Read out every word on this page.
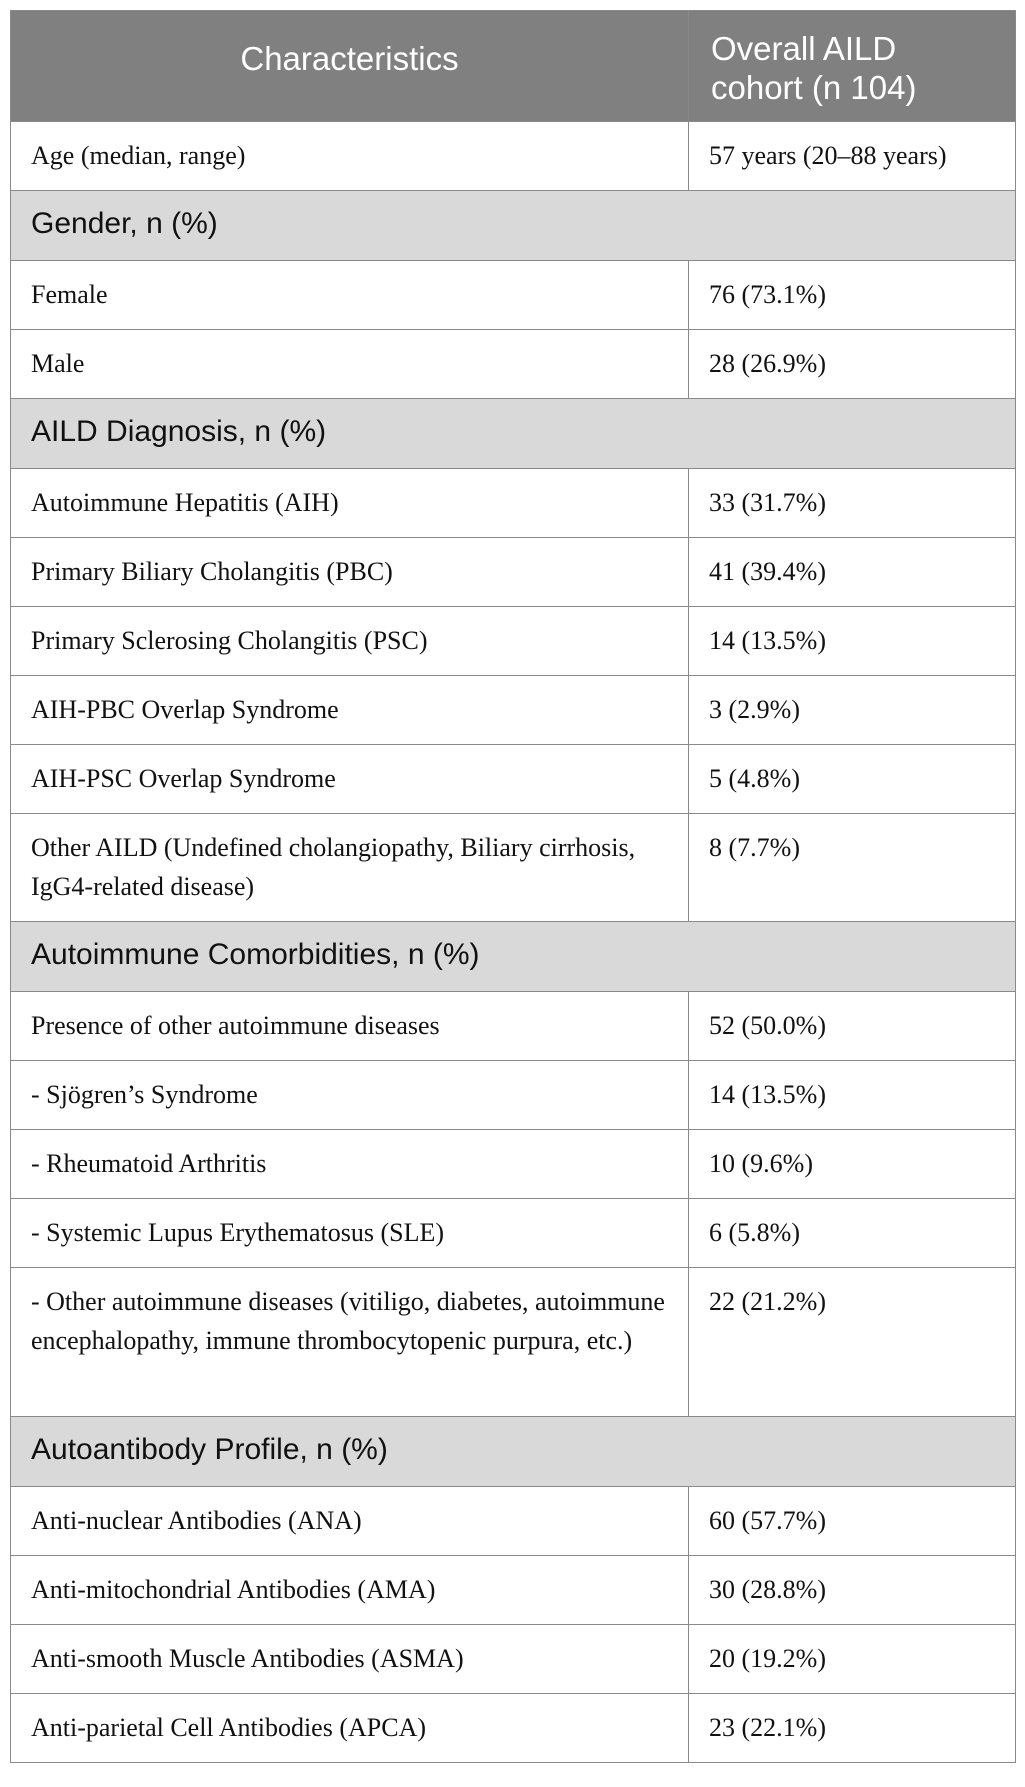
Characteristics	Overall AILD
cohort (n 104)

Age (median, range)	57 years (20–88 years)
Gender, n (%)	
Female	76 (73.1%)
Male	28 (26.9%)
AILD Diagnosis, n (%)	
Autoimmune Hepatitis (AIH)	33 (31.7%)
Primary Biliary Cholangitis (PBC)	41 (39.4%)
Primary Sclerosing Cholangitis (PSC)	14 (13.5%)
AIH-PBC Overlap Syndrome	3 (2.9%)
AIH-PSC Overlap Syndrome	5 (4.8%)
Other AILD (Undefined cholangiopathy, Biliary cirrhosis, IgG4-related disease)	8 (7.7%)
Autoimmune Comorbidities, n (%)	
Presence of other autoimmune diseases	52 (50.0%)
- Sjögren’s Syndrome	14 (13.5%)
- Rheumatoid Arthritis	10 (9.6%)
- Systemic Lupus Erythematosus (SLE)	6 (5.8%)
- Other autoimmune diseases (vitiligo, diabetes, autoimmune encephalopathy, immune thrombocytopenic purpura, etc.)	22 (21.2%)
Autoantibody Profile, n (%)	
Anti-nuclear Antibodies (ANA)	60 (57.7%)
Anti-mitochondrial Antibodies (AMA)	30 (28.8%)
Anti-smooth Muscle Antibodies (ASMA)	20 (19.2%)
Anti-parietal Cell Antibodies (APCA)	23 (22.1%)
